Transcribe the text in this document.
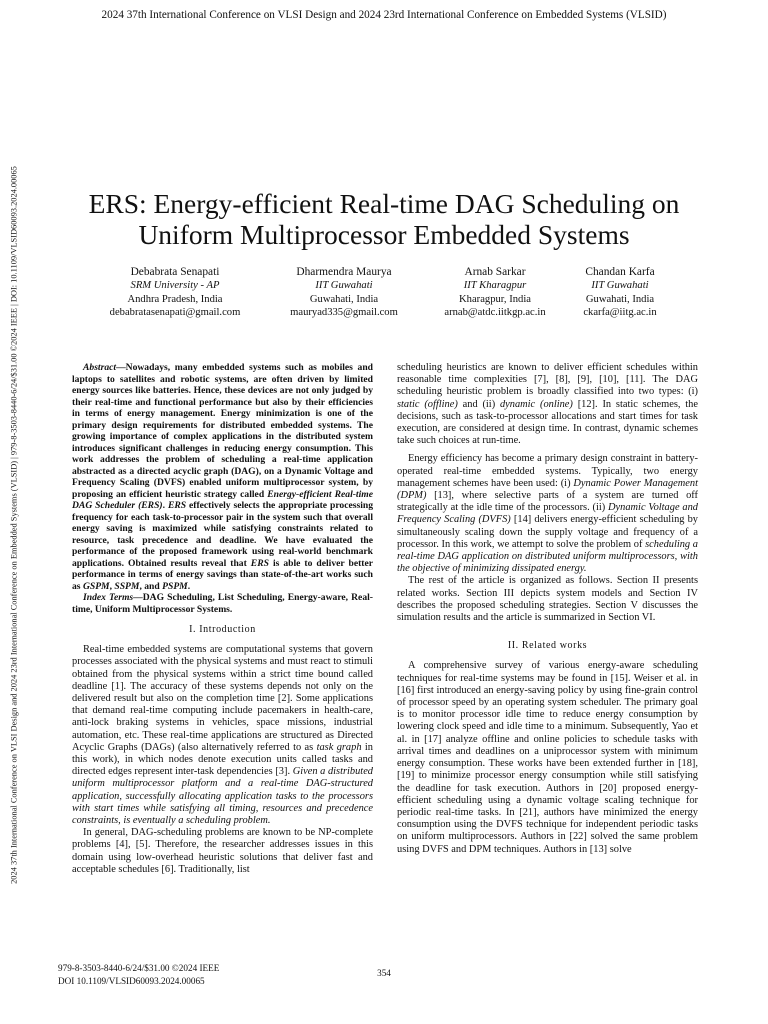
2024 37th International Conference on VLSI Design and 2024 23rd International Conference on Embedded Systems (VLSID)
2024 37th International Conference on VLSI Design and 2024 23rd International Conference on Embedded Systems (VLSID) | 979-8-3503-8440-6/24/$31.00 ©2024 IEEE | DOI: 10.1109/VLSID60093.2024.00065	ERS: Energy-efficient Real-time DAG Scheduling on
Uniform Multiprocessor Embedded Systems
Debabrata Senapati
SRM University - AP
Andhra Pradesh, India
debabratasenapati@gmail.com
Dharmendra Maurya
IIT Guwahati
Guwahati, India
mauryad335@gmail.com
Arnab Sarkar
IIT Kharagpur
Kharagpur, India
arnab@atdc.iitkgp.ac.in
Chandan Karfa
IIT Guwahati
Guwahati, India
ckarfa@iitg.ac.in

Abstract—Nowadays, many embedded systems such as mobiles and laptops to satellites and robotic systems, are often driven by limited energy sources like batteries. Hence, these devices are not only judged by their real-time and functional performance but also by their efficiencies in terms of energy management. Energy minimization is one of the primary design requirements for distributed embedded systems. The growing importance of complex applications in the distributed system introduces significant challenges in reducing energy consumption. This work addresses the problem of scheduling a real-time application abstracted as a directed acyclic graph (DAG), on a Dynamic Voltage and Frequency Scaling (DVFS) enabled uniform multiprocessor system, by proposing an efficient heuristic strategy called Energy-efficient Real-time DAG Scheduler (ERS). ERS effectively selects the appropriate processing frequency for each task-to-processor pair in the system such that overall energy saving is maximized while satisfying constraints related to resource, task precedence and deadline. We have evaluated the performance of the proposed framework using real-world benchmark applications. Obtained results reveal that ERS is able to deliver better performance in terms of energy savings than state-of-the-art works such as GSPM, SSPM, and PSPM.

Index Terms—DAG Scheduling, List Scheduling, Energy-aware, Real-time, Uniform Multiprocessor Systems.

I. Introduction

Real-time embedded systems are computational systems that govern processes associated with the physical systems and must react to stimuli obtained from the physical systems within a strict time bound called deadline [1]. The accuracy of these systems depends not only on the delivered result but also on the completion time [2]. Some applications that demand real-time computing include pacemakers in health-care, anti-lock braking systems in vehicles, space missions, industrial automation, etc. These real-time applications are structured as Directed Acyclic Graphs (DAGs) (also alternatively referred to as task graph in this work), in which nodes denote execution units called tasks and directed edges represent inter-task dependencies [3]. Given a distributed uniform multiprocessor platform and a real-time DAG-structured application, successfully allocating application tasks to the processors with start times while satisfying all timing, resources and precedence constraints, is eventually a scheduling problem.

In general, DAG-scheduling problems are known to be NP-complete problems [4], [5]. Therefore, the researcher addresses issues in this domain using low-overhead heuristic solutions that deliver fast and acceptable schedules [6]. Traditionally, list

scheduling heuristics are known to deliver efficient schedules within reasonable time complexities [7], [8], [9], [10], [11]. The DAG scheduling heuristic problem is broadly classified into two types: (i) static (offline) and (ii) dynamic (online) [12]. In static schemes, the decisions, such as task-to-processor allocations and start times for task execution, are considered at design time. In contrast, dynamic schemes take such choices at run-time.

Energy efficiency has become a primary design constraint in battery-operated real-time embedded systems. Typically, two energy management schemes have been used: (i) Dynamic Power Management (DPM) [13], where selective parts of a system are turned off strategically at the idle time of the processors. (ii) Dynamic Voltage and Frequency Scaling (DVFS) [14] delivers energy-efficient scheduling by simultaneously scaling down the supply voltage and frequency of a processor. In this work, we attempt to solve the problem of scheduling a real-time DAG application on distributed uniform multiprocessors, with the objective of minimizing dissipated energy.

The rest of the article is organized as follows. Section II presents related works. Section III depicts system models and Section IV describes the proposed scheduling strategies. Section V discusses the simulation results and the article is summarized in Section VI.

II. Related works

A comprehensive survey of various energy-aware scheduling techniques for real-time systems may be found in [15]. Weiser et al. in [16] first introduced an energy-saving policy by using fine-grain control of processor speed by an operating system scheduler. The primary goal is to monitor processor idle time to reduce energy consumption by lowering clock speed and idle time to a minimum. Subsequently, Yao et al. in [17] analyze offline and online policies to schedule tasks with arrival times and deadlines on a uniprocessor system with minimum energy consumption. These works have been extended further in [18], [19] to minimize processor energy consumption while still satisfying the deadline for task execution. Authors in [20] proposed energy-efficient scheduling using a dynamic voltage scaling technique for periodic real-time tasks. In [21], authors have minimized the energy consumption using the DVFS technique for independent periodic tasks on uniform multiprocessors. Authors in [22] solved the same problem using DVFS and DPM techniques. Authors in [13] solve

979-8-3503-8440-6/24/$31.00 ©2024 IEEE
DOI 10.1109/VLSID60093.2024.00065
354
